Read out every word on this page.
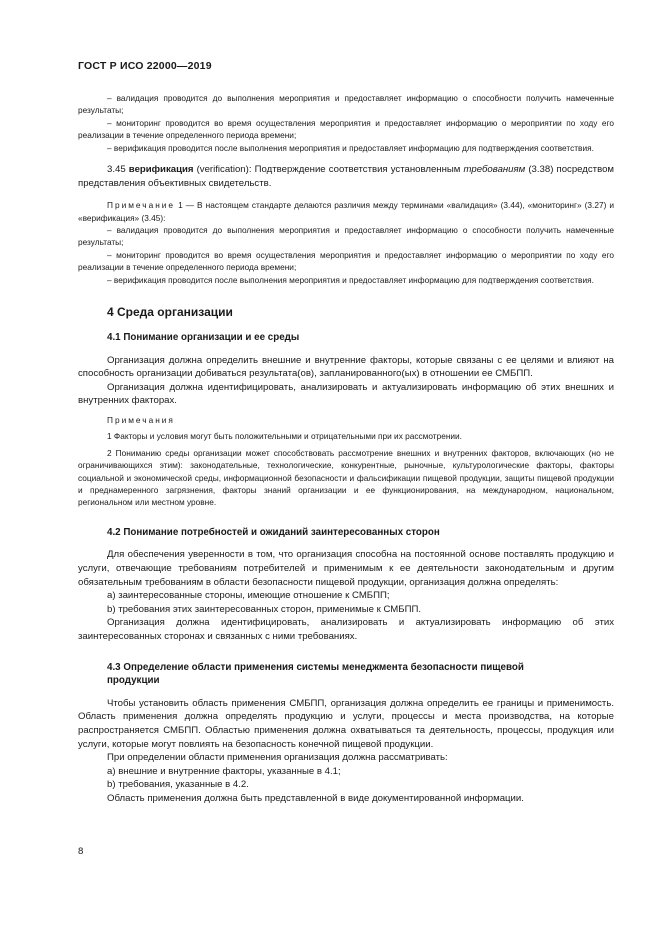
ГОСТ Р ИСО 22000—2019

– валидация проводится до выполнения мероприятия и предоставляет информацию о способности получить намеченные результаты;

– мониторинг проводится во время осуществления мероприятия и предоставляет информацию о мероприятии по ходу его реализации в течение определенного периода времени;

– верификация проводится после выполнения мероприятия и предоставляет информацию для подтверждения соответствия.

3.45 верификация (verification): Подтверждение соответствия установленным требованиям (3.38) посредством представления объективных свидетельств.

Примечание 1 — В настоящем стандарте делаются различия между терминами «валидация» (3.44), «мониторинг» (3.27) и «верификация» (3.45):

– валидация проводится до выполнения мероприятия и предоставляет информацию о способности получить намеченные результаты;

– мониторинг проводится во время осуществления мероприятия и предоставляет информацию о мероприятии по ходу его реализации в течение определенного периода времени;

– верификация проводится после выполнения мероприятия и предоставляет информацию для подтверждения соответствия.

4 Среда организации
4.1 Понимание организации и ее среды

Организация должна определить внешние и внутренние факторы, которые связаны с ее целями и влияют на способность организации добиваться результата(ов), запланированного(ых) в отношении ее СМБПП.

Организация должна идентифицировать, анализировать и актуализировать информацию об этих внешних и внутренних факторах.

Примечания

1 Факторы и условия могут быть положительными и отрицательными при их рассмотрении.

2 Пониманию среды организации может способствовать рассмотрение внешних и внутренних факторов, включающих (но не ограничивающихся этим): законодательные, технологические, конкурентные, рыночные, культурологические факторы, факторы социальной и экономической среды, информационной безопасности и фальсификации пищевой продукции, защиты пищевой продукции и преднамеренного загрязнения, факторы знаний организации и ее функционирования, на международном, национальном, региональном или местном уровне.

4.2 Понимание потребностей и ожиданий заинтересованных сторон

Для обеспечения уверенности в том, что организация способна на постоянной основе поставлять продукцию и услуги, отвечающие требованиям потребителей и применимым к ее деятельности законодательным и другим обязательным требованиям в области безопасности пищевой продукции, организация должна определять:

a) заинтересованные стороны, имеющие отношение к СМБПП;

b) требования этих заинтересованных сторон, применимые к СМБПП.

Организация должна идентифицировать, анализировать и актуализировать информацию об этих заинтересованных сторонах и связанных с ними требованиях.

4.3 Определение области применения системы менеджмента безопасности пищевой
продукции

Чтобы установить область применения СМБПП, организация должна определить ее границы и применимость. Область применения должна определять продукцию и услуги, процессы и места производства, на которые распространяется СМБПП. Областью применения должна охватываться та деятельность, процессы, продукция или услуги, которые могут повлиять на безопасность конечной пищевой продукции.

При определении области применения организация должна рассматривать:

a) внешние и внутренние факторы, указанные в 4.1;

b) требования, указанные в 4.2.

Область применения должна быть представленной в виде документированной информации.

8
